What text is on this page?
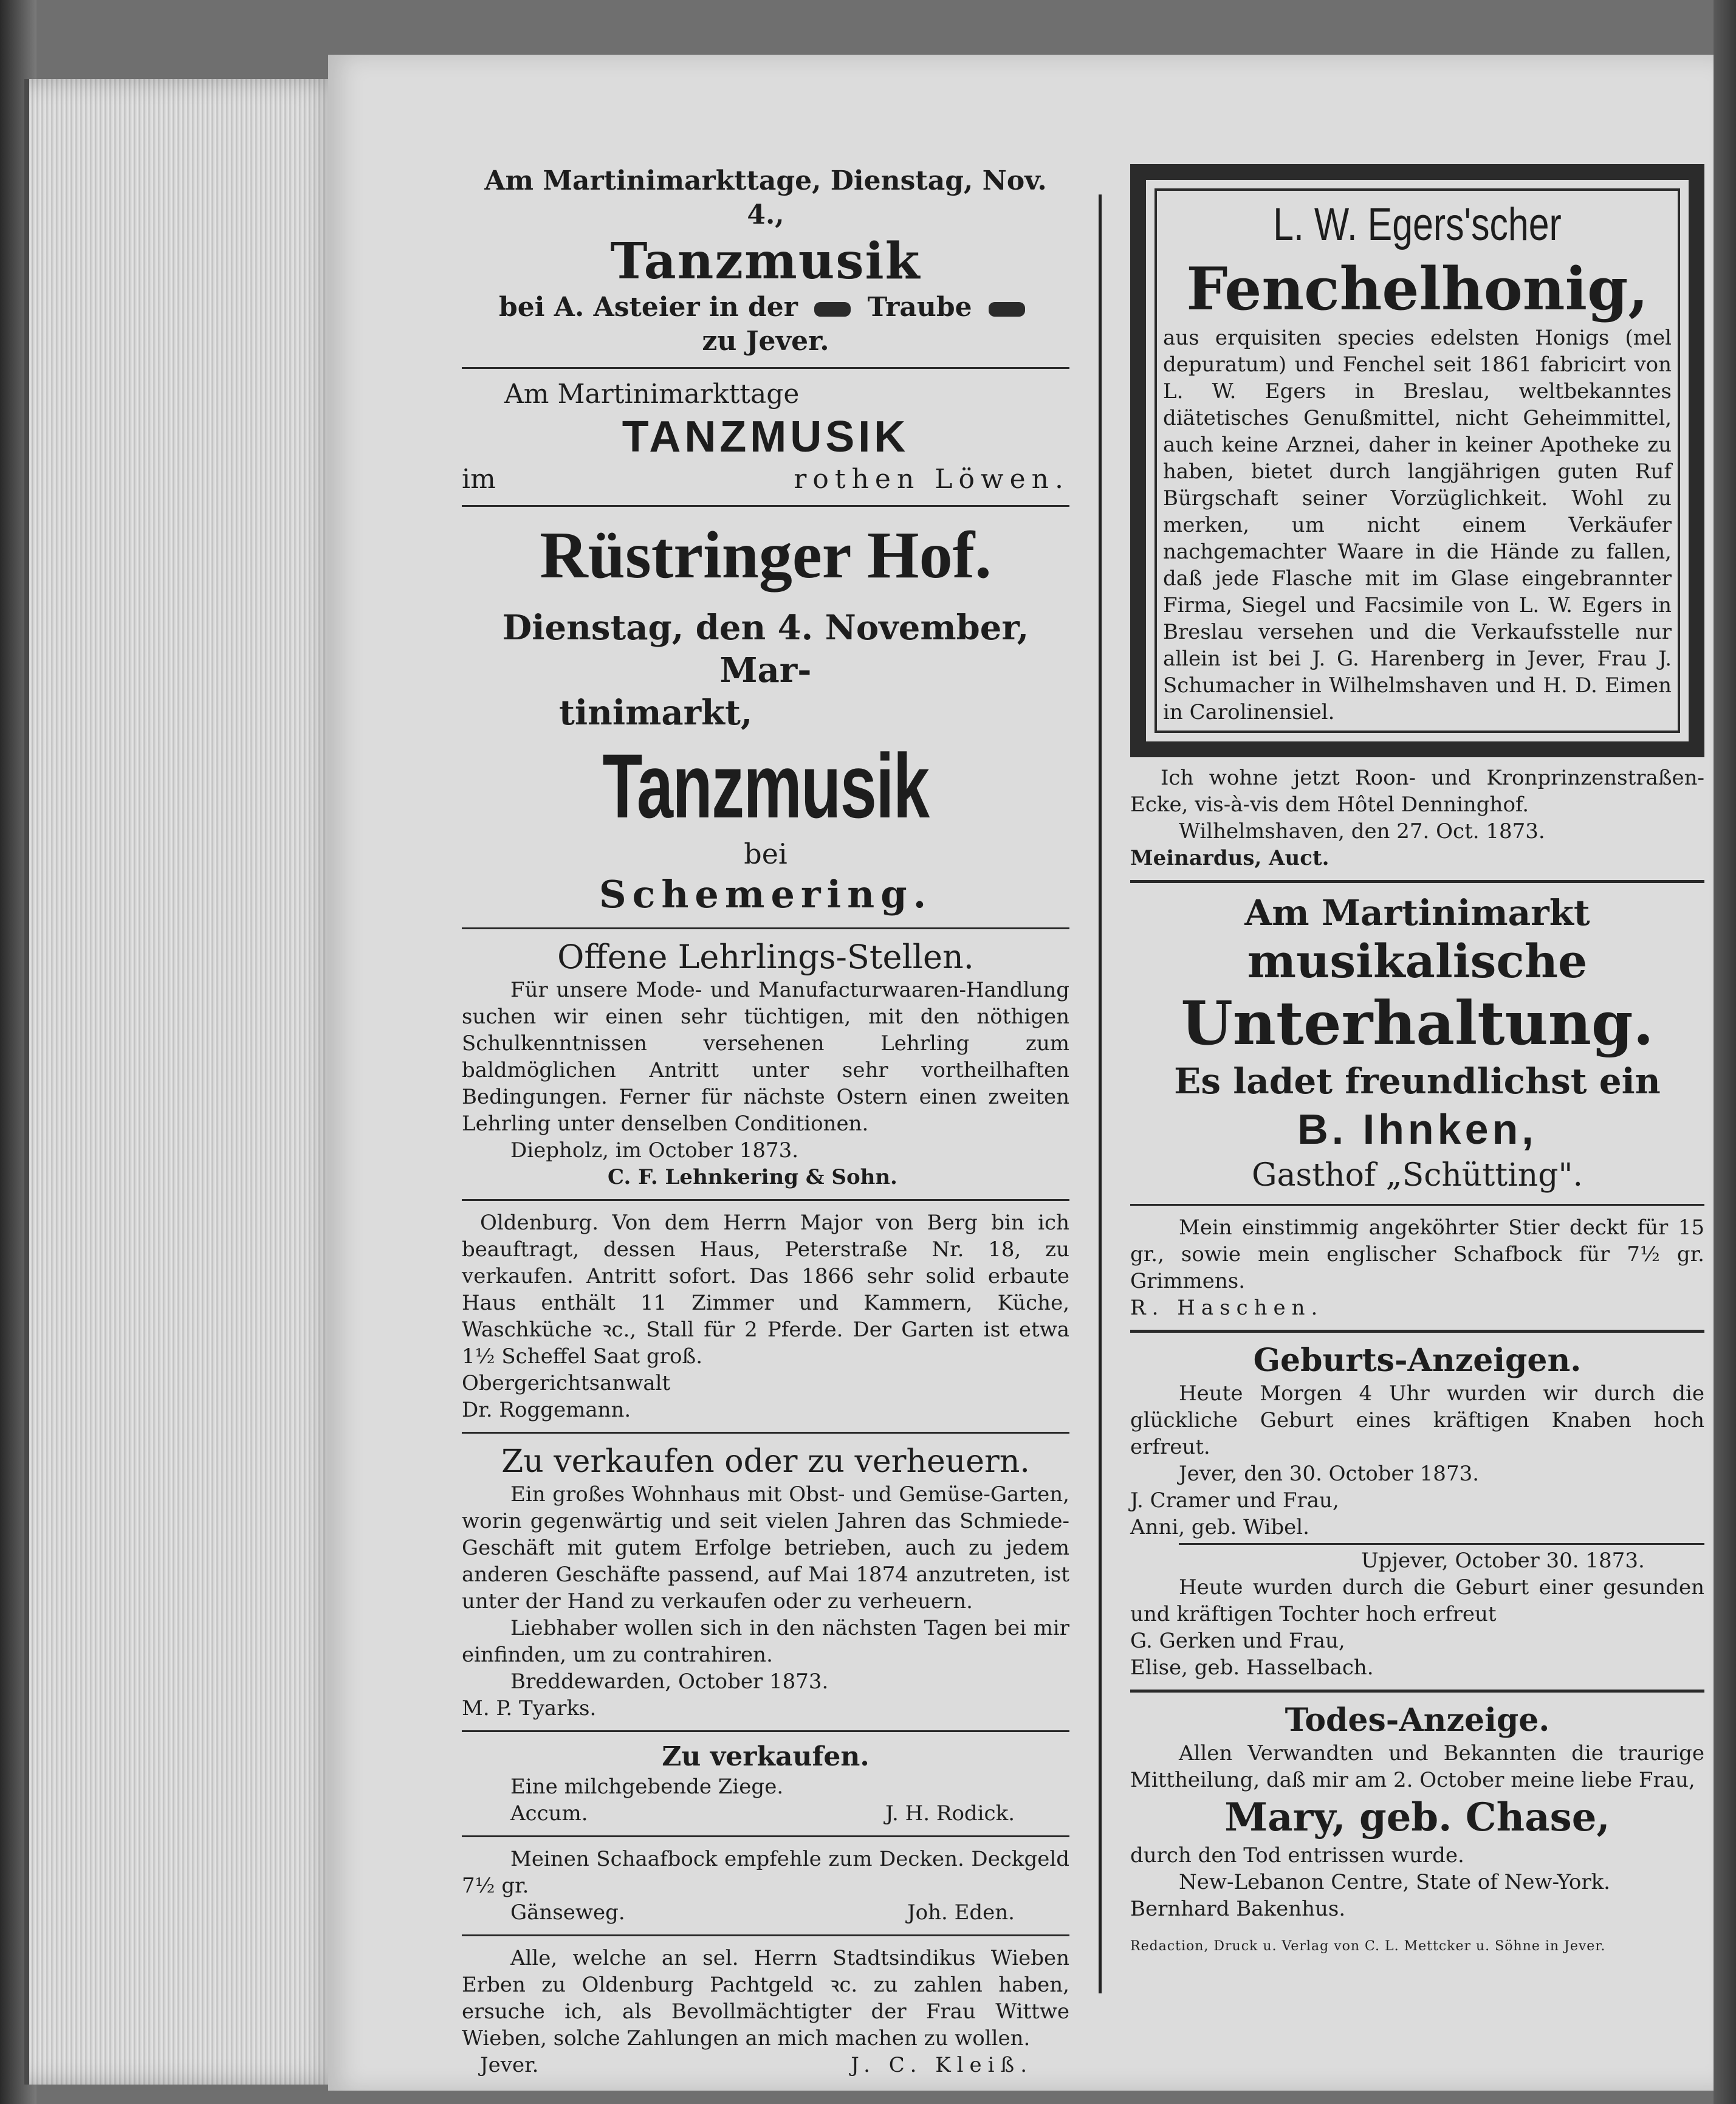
Am Martinimarkttage, Dienstag, Nov. 4.,
Tanzmusik
bei A. Asteier in der	Traube
zu Jever.
Am Martinimarkttage
TANZMUSIK
im	rothen Löwen.
Rüstringer Hof.
Dienstag, den 4. November, Mar-
tinimarkt,
Tanzmusik
bei
Schemering.
Offene Lehrlings-Stellen.
Für unsere Mode- und Manufacturwaaren-Handlung suchen wir einen sehr tüchtigen, mit den nöthigen Schulkenntnissen versehenen Lehrling zum baldmöglichen Antritt unter sehr vortheilhaften Bedingungen. Ferner für nächste Ostern einen zweiten Lehrling unter denselben Conditionen.
Diepholz, im October 1873.
C. F. Lehnkering & Sohn.
Oldenburg. Von dem Herrn Major von Berg bin ich beauftragt, dessen Haus, Peterstraße Nr. 18, zu verkaufen. Antritt sofort. Das 1866 sehr solid erbaute Haus enthält 11 Zimmer und Kammern, Küche, Waschküche ꝛc., Stall für 2 Pferde. Der Garten ist etwa 1½ Scheffel Saat groß.
Obergerichtsanwalt
Dr. Roggemann.
Zu verkaufen oder zu verheuern.
Ein großes Wohnhaus mit Obst- und Gemüse-Garten, worin gegenwärtig und seit vielen Jahren das Schmiede-Geschäft mit gutem Erfolge betrieben, auch zu jedem anderen Geschäfte passend, auf Mai 1874 anzutreten, ist unter der Hand zu verkaufen oder zu verheuern.
Liebhaber wollen sich in den nächsten Tagen bei mir einfinden, um zu contrahiren.
Breddewarden, October 1873.
M. P. Tyarks.
Zu verkaufen.
Eine milchgebende Ziege.
Accum.	J. H. Rodick.
Meinen Schaafbock empfehle zum Decken. Deckgeld 7½ gr.
Gänseweg.	Joh. Eden.
Alle, welche an sel. Herrn Stadtsindikus Wieben Erben zu Oldenburg Pachtgeld ꝛc. zu zahlen haben, ersuche ich, als Bevollmächtigter der Frau Wittwe Wieben, solche Zahlungen an mich machen zu wollen.
Jever.	J. C. Kleiß.
L. W. Egers'scher
Fenchelhonig,
aus erquisiten species edelsten Honigs (mel depuratum) und Fenchel seit 1861 fabricirt von L. W. Egers in Breslau, weltbekanntes diätetisches Genußmittel, nicht Geheimmittel, auch keine Arznei, daher in keiner Apotheke zu haben, bietet durch langjährigen guten Ruf Bürgschaft seiner Vorzüglichkeit. Wohl zu merken, um nicht einem Verkäufer nachgemachter Waare in die Hände zu fallen, daß jede Flasche mit im Glase eingebrannter Firma, Siegel und Facsimile von L. W. Egers in Breslau versehen und die Verkaufsstelle nur allein ist bei J. G. Harenberg in Jever, Frau J. Schumacher in Wilhelmshaven und H. D. Eimen in Carolinensiel.
Ich wohne jetzt Roon- und Kronprinzenstraßen-Ecke, vis-à-vis dem Hôtel Denninghof.
Wilhelmshaven, den 27. Oct. 1873.
Meinardus, Auct.
Am Martinimarkt
musikalische
Unterhaltung.
Es ladet freundlichst ein
B. Ihnken,
Gasthof „Schütting".
Mein einstimmig angeköhrter Stier deckt für 15 gr., sowie mein englischer Schafbock für 7½ gr. Grimmens.
R. Haschen.
Geburts-Anzeigen.
Heute Morgen 4 Uhr wurden wir durch die glückliche Geburt eines kräftigen Knaben hoch erfreut.
Jever, den 30. October 1873.
J. Cramer und Frau,
Anni, geb. Wibel.
Upjever, October 30. 1873.
Heute wurden durch die Geburt einer gesunden und kräftigen Tochter hoch erfreut
G. Gerken und Frau,
Elise, geb. Hasselbach.
Todes-Anzeige.
Allen Verwandten und Bekannten die traurige Mittheilung, daß mir am 2. October meine liebe Frau,
Mary, geb. Chase,
durch den Tod entrissen wurde.
New-Lebanon Centre, State of New-York.
Bernhard Bakenhus.
Redaction, Druck u. Verlag von C. L. Mettcker u. Söhne in Jever.
